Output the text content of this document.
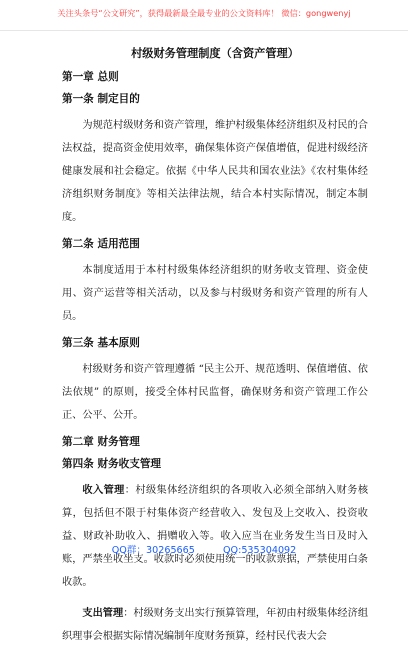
关注头条号“公文研究”，获得最新最全最专业的公文资料库！ 微信：gongwenyj
村级财务管理制度（含资产管理）
第一章 总则
第一条 制定目的

为规范村级财务和资产管理，维护村级集体经济组织及村民的合法权益，提高资金使用效率，确保集体资产保值增值，促进村级经济健康发展和社会稳定。依据《中华人民共和国农业法》《农村集体经济组织财务制度》等相关法律法规，结合本村实际情况，制定本制度。

第二条 适用范围

本制度适用于本村村级集体经济组织的财务收支管理、资金使用、资产运营等相关活动，以及参与村级财务和资产管理的所有人员。

第三条 基本原则

村级财务和资产管理遵循 “民主公开、规范透明、保值增值、依法依规” 的原则，接受全体村民监督，确保财务和资产管理工作公正、公平、公开。

第二章 财务管理
第四条 财务收支管理

收入管理：村级集体经济组织的各项收入必须全部纳入财务核算，包括但不限于村集体资产经营收入、发包及上交收入、投资收益、财政补助收入、捐赠收入等。收入应当在业务发生当日及时入账，严禁坐收坐支。收款时必须使用统一的收款票据，严禁使用白条收款。

支出管理：村级财务支出实行预算管理，年初由村级集体经济组织理事会根据实际情况编制年度财务预算，经村民代表大会

QQ群：30265665	QQ:535304092
